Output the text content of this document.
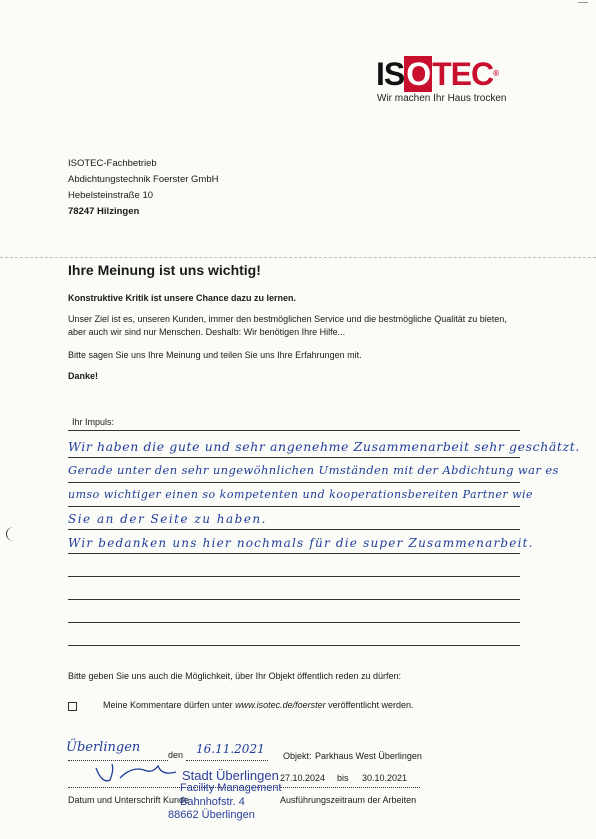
ISOTEC®
Wir machen Ihr Haus trocken
ISOTEC-Fachbetrieb
Abdichtungstechnik Foerster GmbH
Hebelsteinstraße 10
78247 Hilzingen
Ihre Meinung ist uns wichtig!
Konstruktive Kritik ist unsere Chance dazu zu lernen.
Unser Ziel ist es, unseren Kunden, immer den bestmöglichen Service und die bestmögliche Qualität zu bieten,
aber auch wir sind nur Menschen. Deshalb: Wir benötigen Ihre Hilfe...
Bitte sagen Sie uns Ihre Meinung und teilen Sie uns Ihre Erfahrungen mit.
Danke!
Ihr Impuls:
Wir haben die gute und sehr angenehme Zusammenarbeit sehr geschätzt.
Gerade unter den sehr ungewöhnlichen Umständen mit der Abdichtung war es
umso wichtiger einen so kompetenten und kooperationsbereiten Partner wie
Sie an der Seite zu haben.
Wir bedanken uns hier nochmals für die super Zusammenarbeit.
Bitte geben Sie uns auch die Möglichkeit, über Ihr Objekt öffentlich reden zu dürfen:
Meine Kommentare dürfen unter www.isotec.de/foerster veröffentlicht werden.
Überlingen	den 16.11.2021
Datum und Unterschrift Kunde
Stadt Überlingen
Facility Management
Bahnhofstr. 4
88662 Überlingen
Objekt: Parkhaus West Überlingen
27.10.2024 bis 30.10.2021
Ausführungszeitraum der Arbeiten
